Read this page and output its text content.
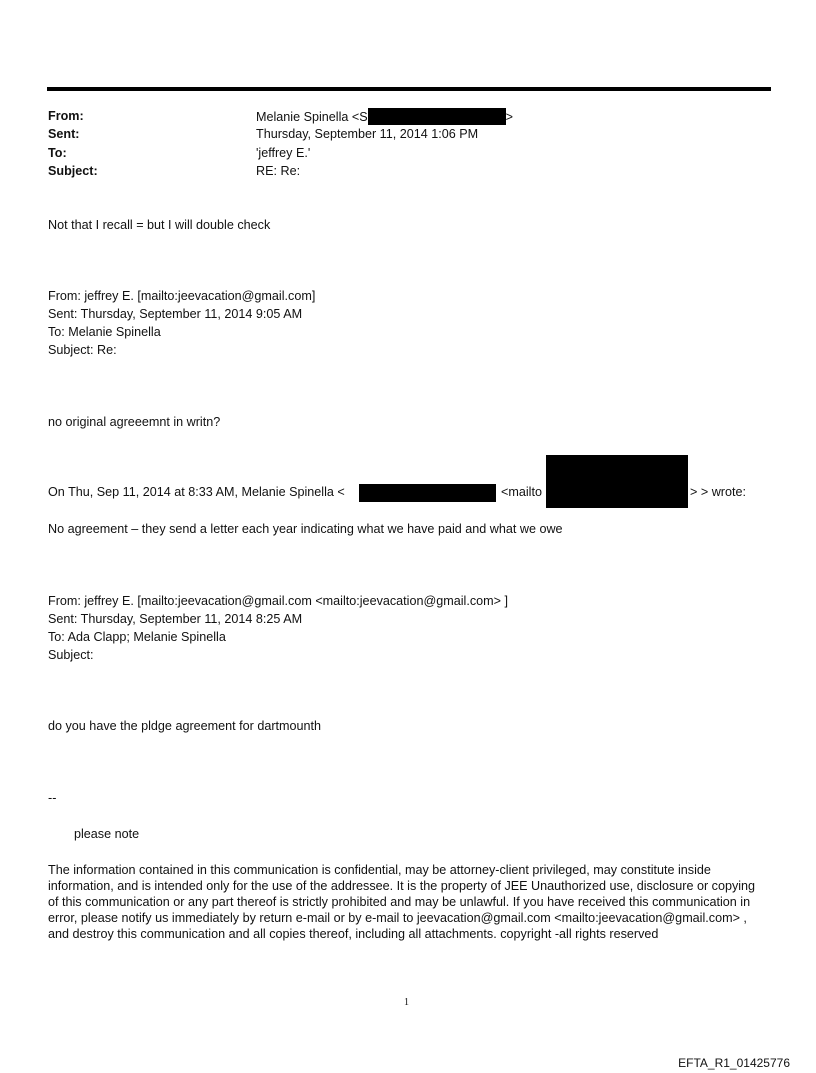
From:	Melanie Spinella <S	>
Sent:	Thursday, September 11, 2014 1:06 PM
To:	'jeffrey E.'
Subject:	RE: Re:
Not that I recall = but I will double check
From: jeffrey E. [mailto:jeevacation@gmail.com]
Sent: Thursday, September 11, 2014 9:05 AM
To: Melanie Spinella
Subject: Re:
no original agreeemnt in writn?
On Thu, Sep 11, 2014 at 8:33 AM, Melanie Spinella <	<mailto	> > wrote:
No agreement – they send a letter each year indicating what we have paid and what we owe
From: jeffrey E. [mailto:jeevacation@gmail.com <mailto:jeevacation@gmail.com> ]
Sent: Thursday, September 11, 2014 8:25 AM
To: Ada Clapp; Melanie Spinella
Subject:
do you have the pldge agreement for dartmounth
--
please note
The information contained in this communication is confidential, may be attorney-client privileged, may constitute inside information, and is intended only for the use of the addressee. It is the property of JEE Unauthorized use, disclosure or copying of this communication or any part thereof is strictly prohibited and may be unlawful. If you have received this communication in error, please notify us immediately by return e-mail or by e-mail to jeevacation@gmail.com <mailto:jeevacation@gmail.com> , and destroy this communication and all copies thereof, including all attachments. copyright -all rights reserved
1
EFTA_R1_01425776
